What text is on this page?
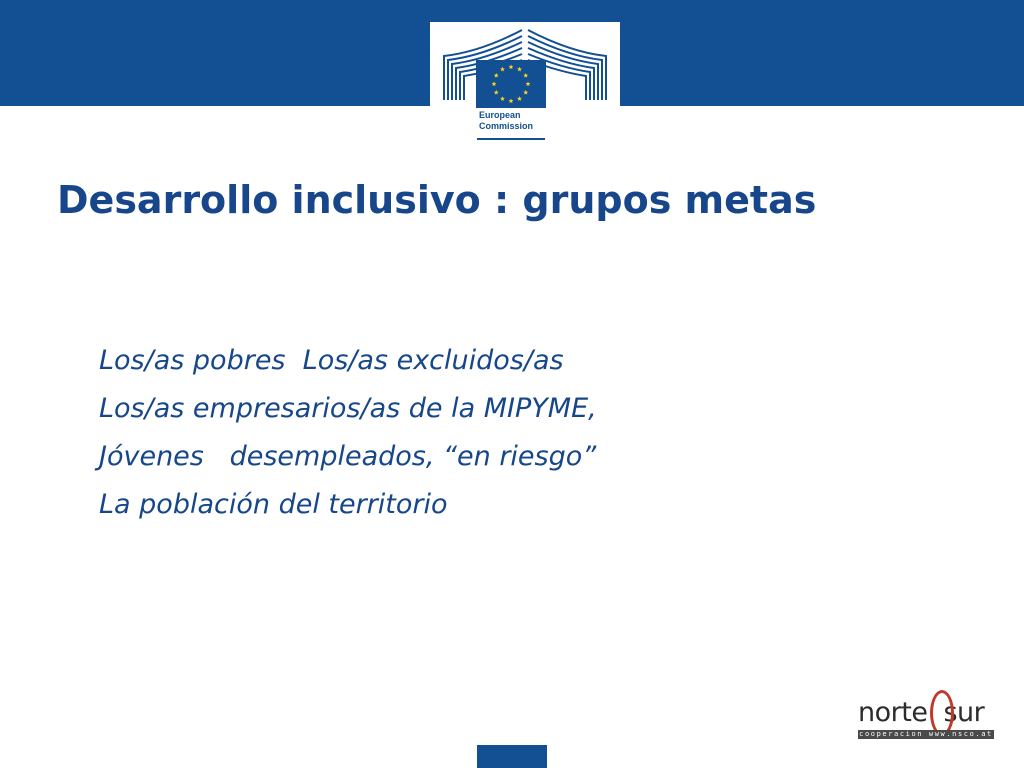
European
Commission
Desarrollo inclusivo : grupos metas
Los/as pobres  Los/as excluidos/as
Los/as empresarios/as de la MIPYME,
Jóvenes   desempleados, “en riesgo”
La población del territorio
norte sur
cooperacion www.nsco.at
